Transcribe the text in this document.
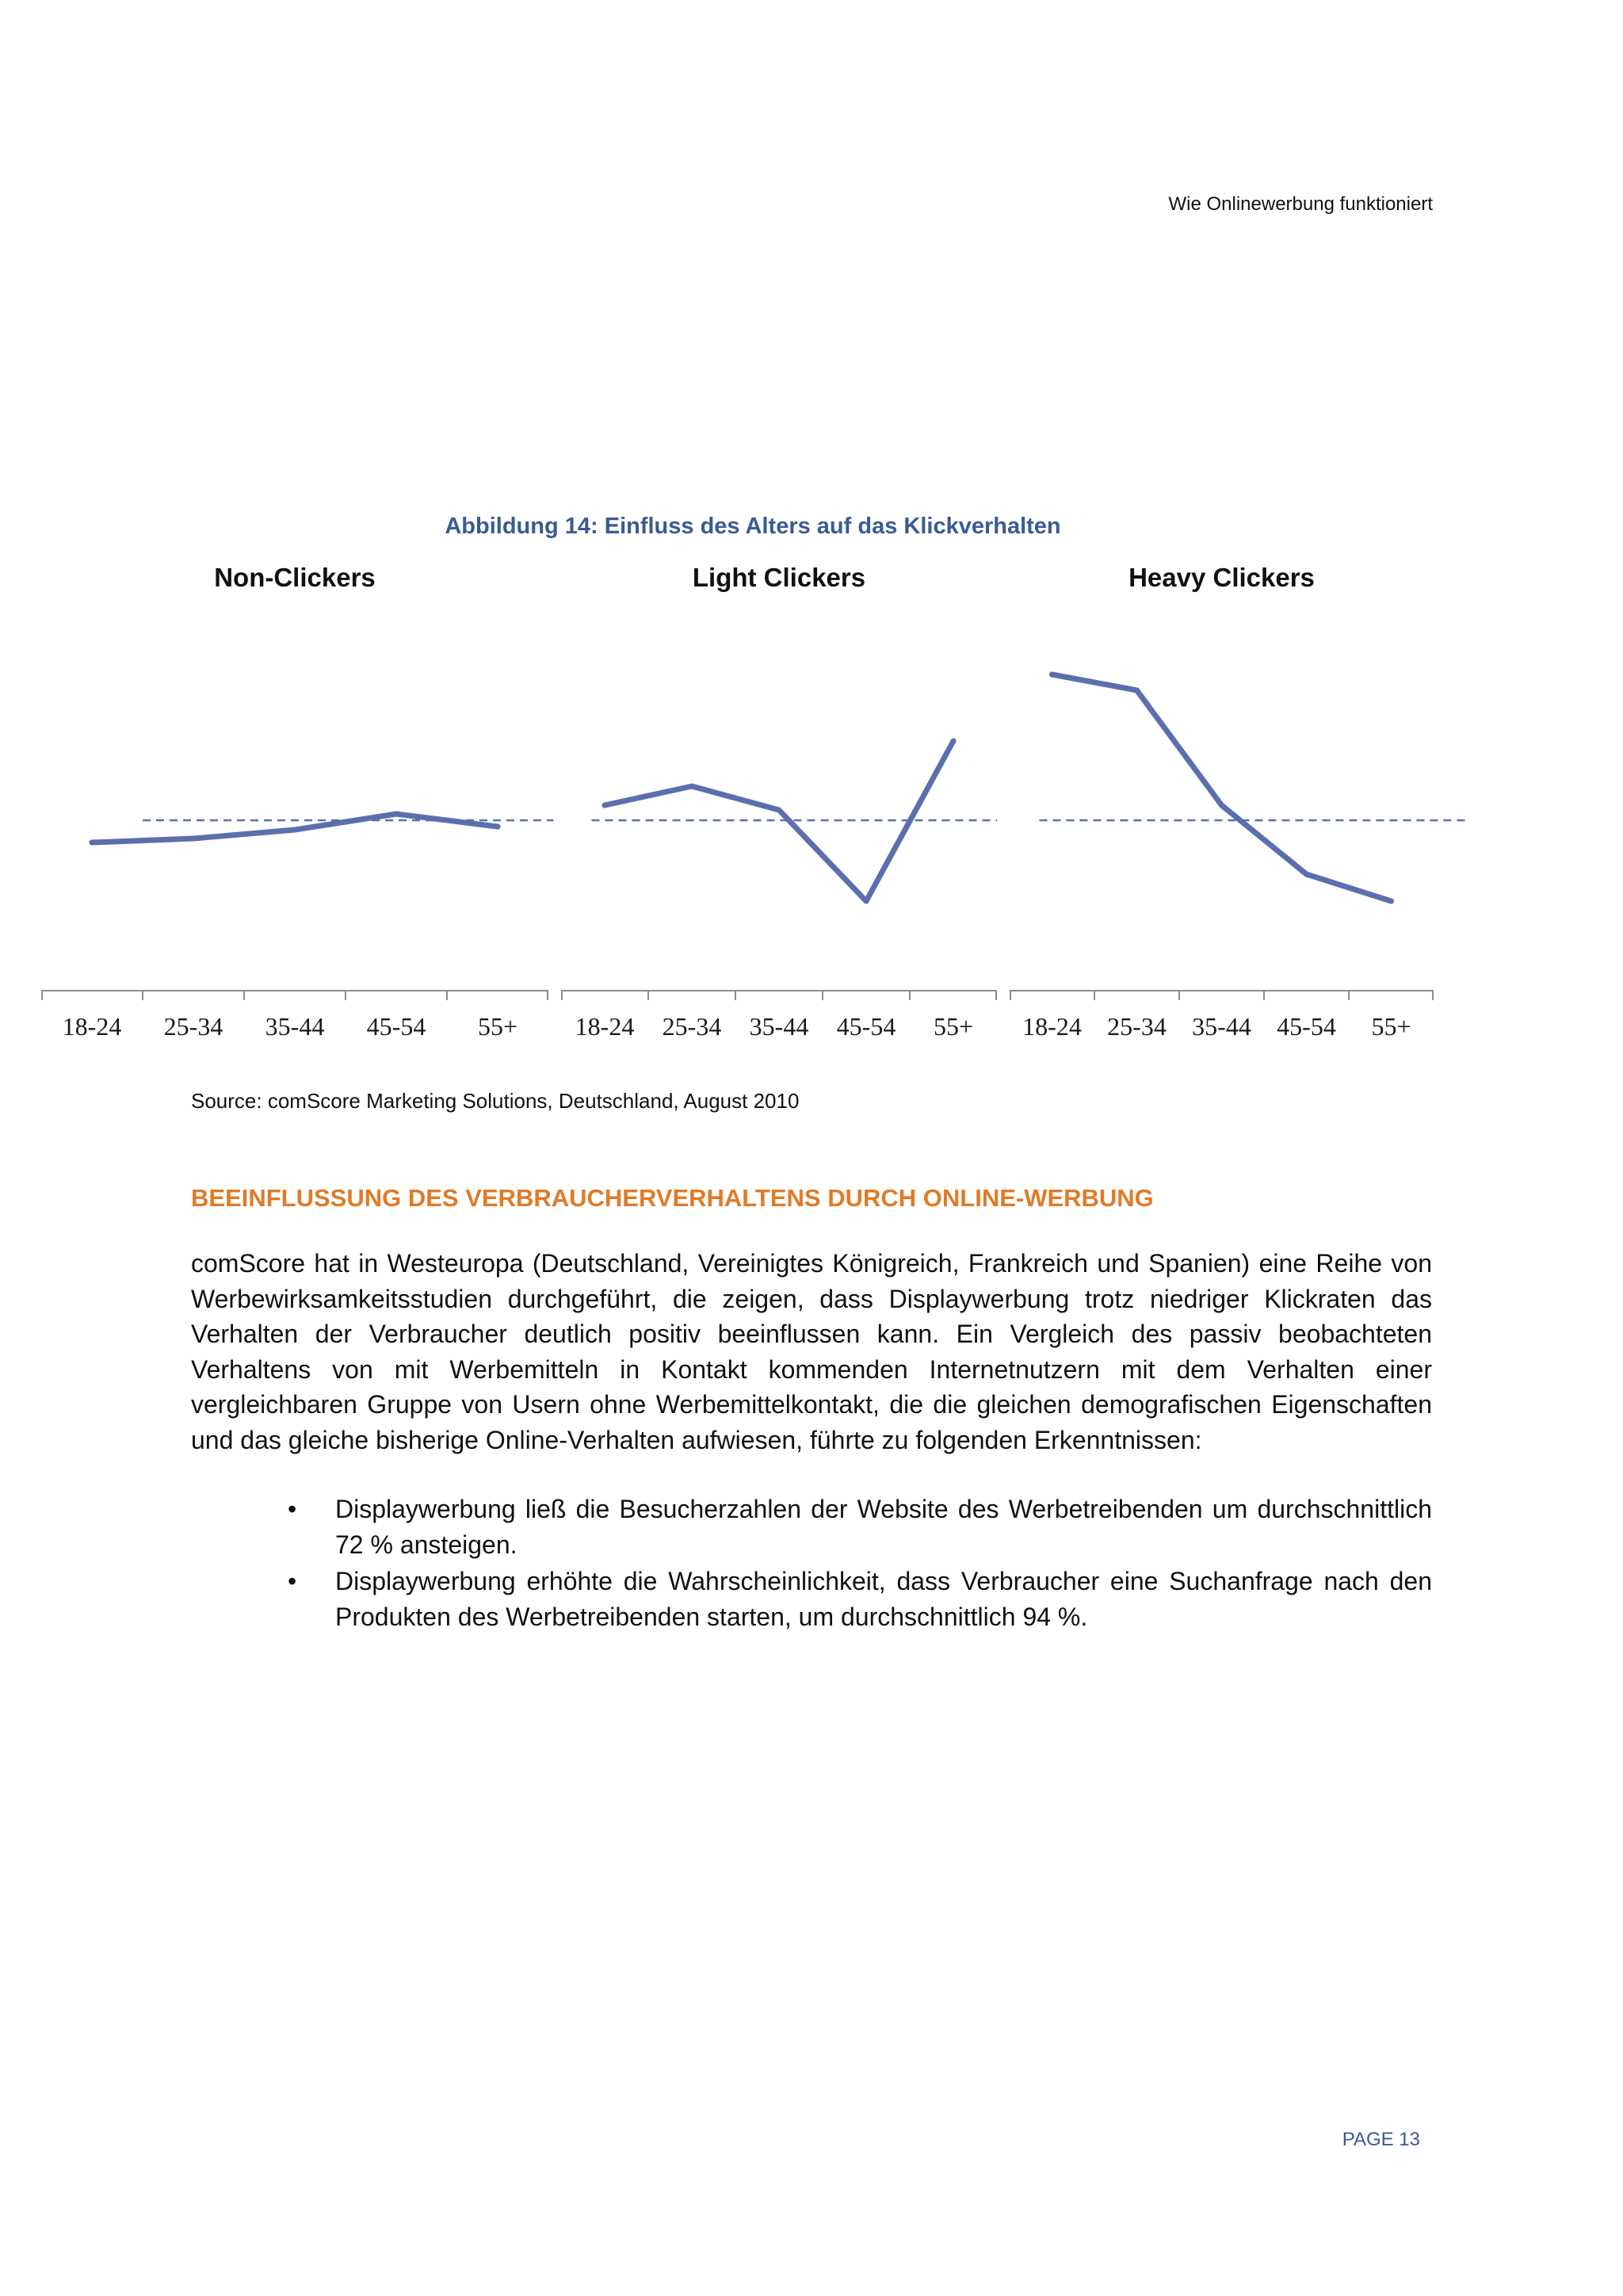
Wie Onlinewerbung funktioniert
Abbildung 14: Einfluss des Alters auf das Klickverhalten
Non-Clickers
18-24 25-34 35-44 45-54 55+
Light Clickers
18-24 25-34 35-44 45-54 55+
Heavy Clickers
18-24 25-34 35-44 45-54 55+
Source: comScore Marketing Solutions, Deutschland, August 2010
BEEINFLUSSUNG DES VERBRAUCHERVERHALTENS DURCH ONLINE-WERBUNG

comScore hat in Westeuropa (Deutschland, Vereinigtes Königreich, Frankreich und Spanien) eine Reihe von Werbewirksamkeitsstudien durchgeführt, die zeigen, dass Displaywerbung trotz niedriger Klickraten das Verhalten der Verbraucher deutlich positiv beeinflussen kann. Ein Vergleich des passiv beobachteten Verhaltens von mit Werbemitteln in Kontakt kommenden Internetnutzern mit dem Verhalten einer vergleichbaren Gruppe von Usern ohne Werbemittelkontakt, die die gleichen demografischen Eigenschaften und das gleiche bisherige Online-Verhalten aufwiesen, führte zu folgenden Erkenntnissen:

• Displaywerbung ließ die Besucherzahlen der Website des Werbetreibenden um durchschnittlich 72 % ansteigen.
• Displaywerbung erhöhte die Wahrscheinlichkeit, dass Verbraucher eine Suchanfrage nach den Produkten des Werbetreibenden starten, um durchschnittlich 94 %.
PAGE 13
